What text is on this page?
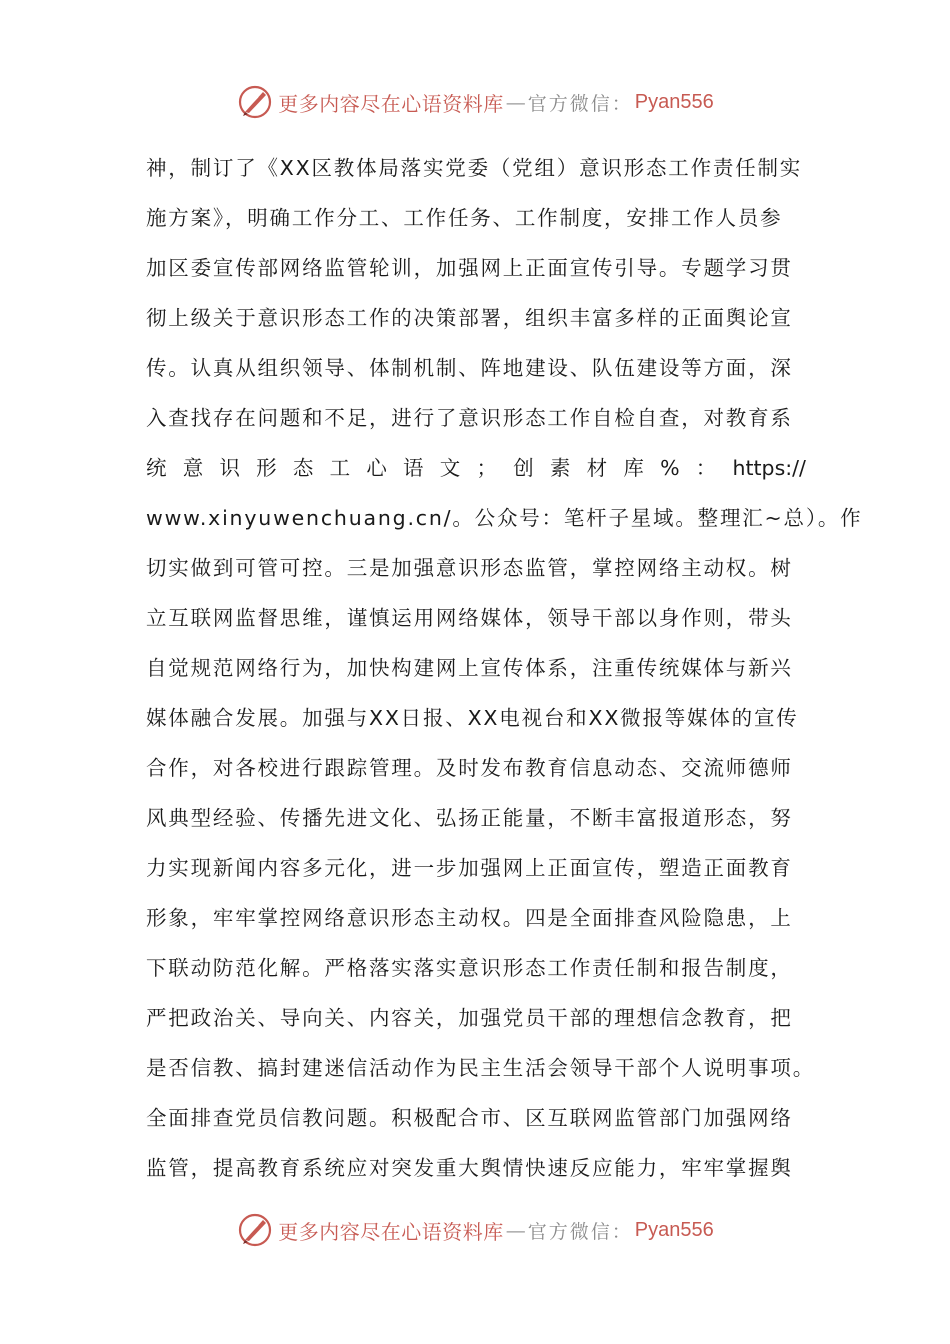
更多内容尽在心语资料库 — 官方微信： Pyan556
神，制订了《XX区教体局落实党委（党组）意识形态工作责任制实
施方案》，明确工作分工、工作任务、工作制度，安排工作人员参
加区委宣传部网络监管轮训，加强网上正面宣传引导。专题学习贯
彻上级关于意识形态工作的决策部署，组织丰富多样的正面舆论宣
传。认真从组织领导、体制机制、阵地建设、队伍建设等方面，深
入查找存在问题和不足，进行了意识形态工作自检自查，对教育系
统 意 识 形 态 工 心 语 文 ； 创 素 材 库 % ： https://
www.xinyuwenchuang.cn/。公众号：笔杆子星域。整理汇~总）。作
切实做到可管可控。三是加强意识形态监管，掌控网络主动权。树
立互联网监督思维，谨慎运用网络媒体，领导干部以身作则，带头
自觉规范网络行为，加快构建网上宣传体系，注重传统媒体与新兴
媒体融合发展。加强与XX日报、XX电视台和XX微报等媒体的宣传
合作，对各校进行跟踪管理。及时发布教育信息动态、交流师德师
风典型经验、传播先进文化、弘扬正能量，不断丰富报道形态，努
力实现新闻内容多元化，进一步加强网上正面宣传，塑造正面教育
形象，牢牢掌控网络意识形态主动权。四是全面排查风险隐患，上
下联动防范化解。严格落实落实意识形态工作责任制和报告制度，
严把政治关、导向关、内容关，加强党员干部的理想信念教育，把
是否信教、搞封建迷信活动作为民主生活会领导干部个人说明事项。
全面排查党员信教问题。积极配合市、区互联网监管部门加强网络
监管，提高教育系统应对突发重大舆情快速反应能力，牢牢掌握舆
更多内容尽在心语资料库 — 官方微信： Pyan556
